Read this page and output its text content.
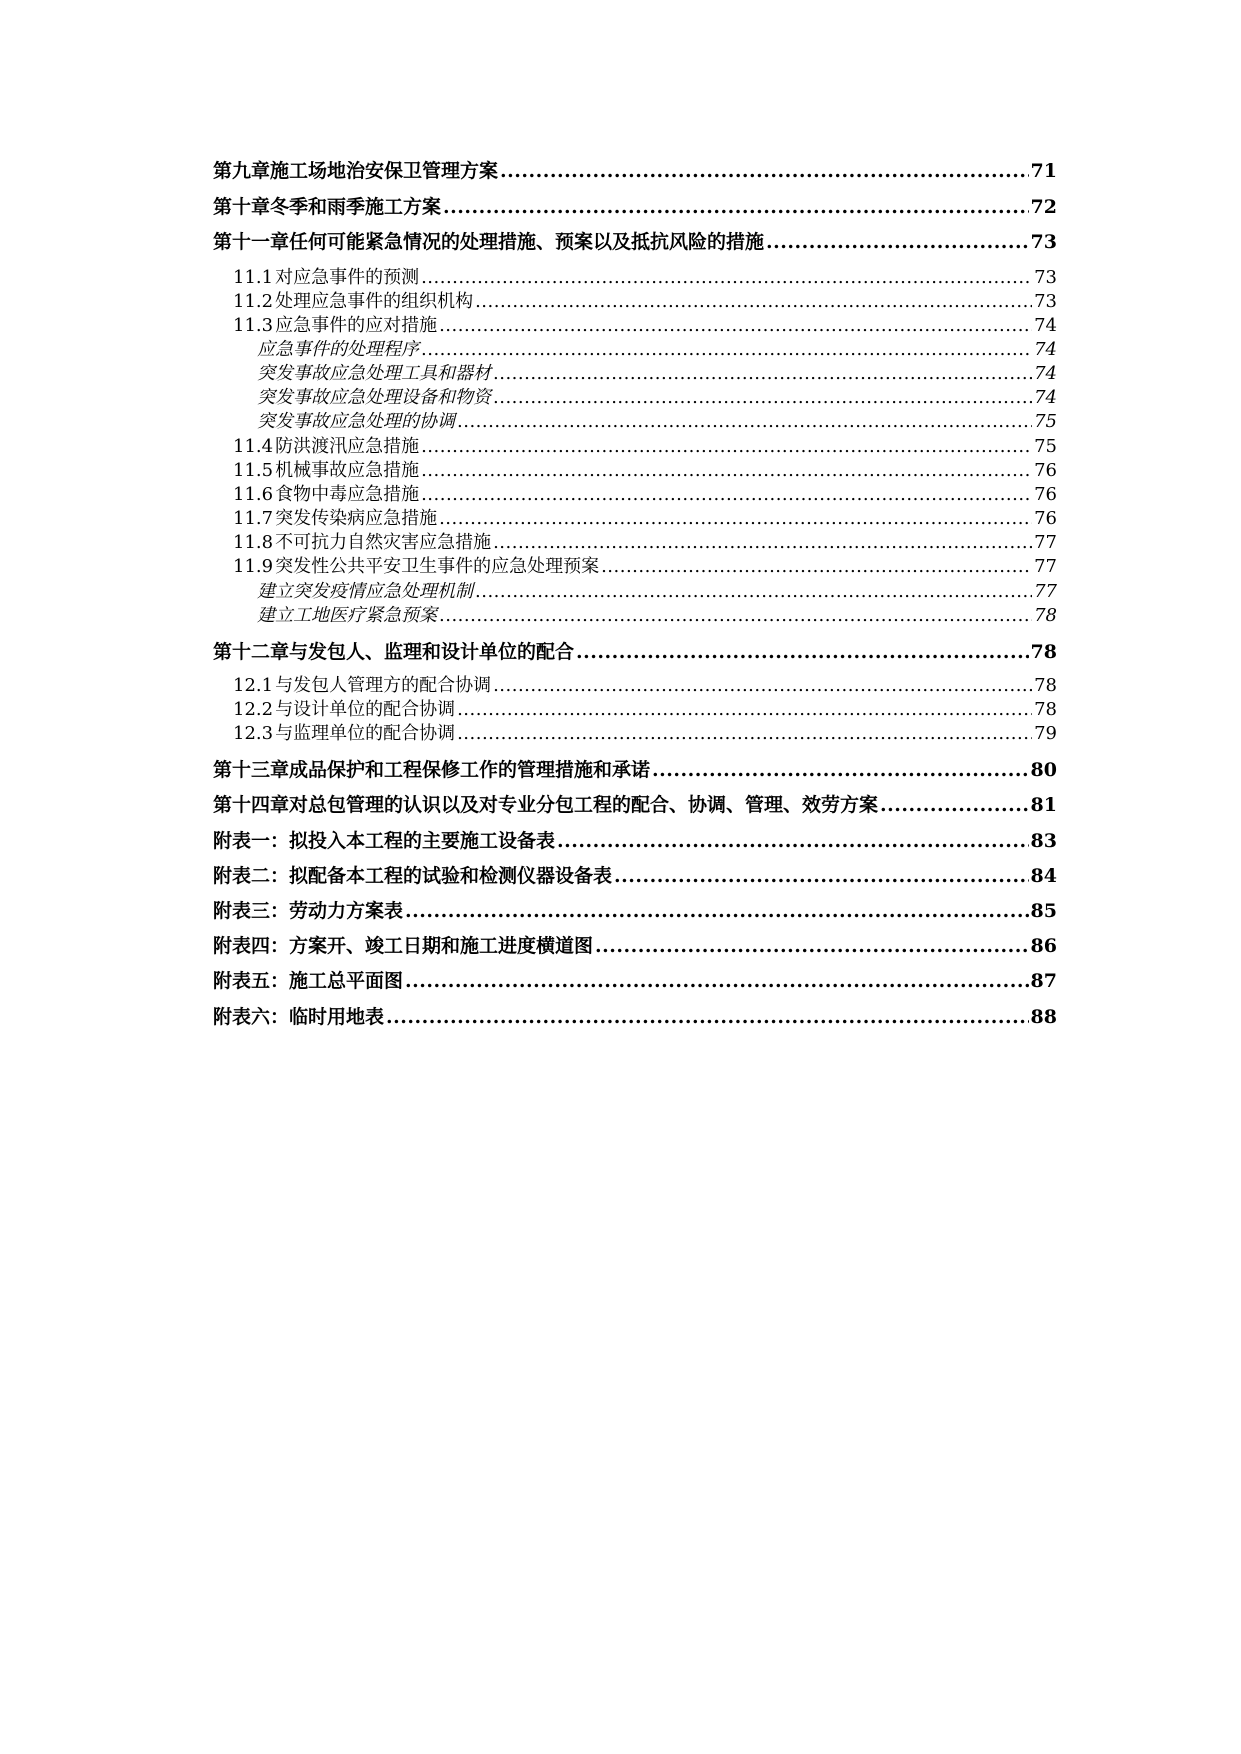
第九章 施工场地治安保卫管理方案 .....	71
第十章 冬季和雨季施工方案 .....	72
第十一章任何可能紧急情况的处理措施、预案以及抵抗风险的措施 .....	73
11.1 对应急事件的预测 .....	73
11.2 处理应急事件的组织机构 .....	73
11.3 应急事件的应对措施 .....	74
应急事件的处理程序 .....	74
突发事故应急处理工具和器材 .....	74
突发事故应急处理设备和物资 .....	74
突发事故应急处理的协调 .....	75
11.4 防洪渡汛应急措施 .....	75
11.5 机械事故应急措施 .....	76
11.6 食物中毒应急措施 .....	76
11.7 突发传染病应急措施 .....	76
11.8 不可抗力自然灾害应急措施 .....	77
11.9 突发性公共平安卫生事件的应急处理预案 .....	77
建立突发疫情应急处理机制 .....	77
建立工地医疗紧急预案 .....	78
第十二章 与发包人、监理和设计单位的配合 .....	78
12.1 与发包人管理方的配合协调 .....	78
12.2 与设计单位的配合协调 .....	78
12.3 与监理单位的配合协调 .....	79
第十三章 成品保护和工程保修工作的管理措施和承诺 .....	80
第十四章 对总包管理的认识以及对专业分包工程的配合、协调、管理、效劳方案 .....	81
附表一：拟投入本工程的主要施工设备表 .....	83
附表二：拟配备本工程的试验和检测仪器设备表 .....	84
附表三：劳动力方案表 .....	85
附表四：方案开、竣工日期和施工进度横道图 .....	86
附表五：施工总平面图 .....	87
附表六：临时用地表 .....	88
